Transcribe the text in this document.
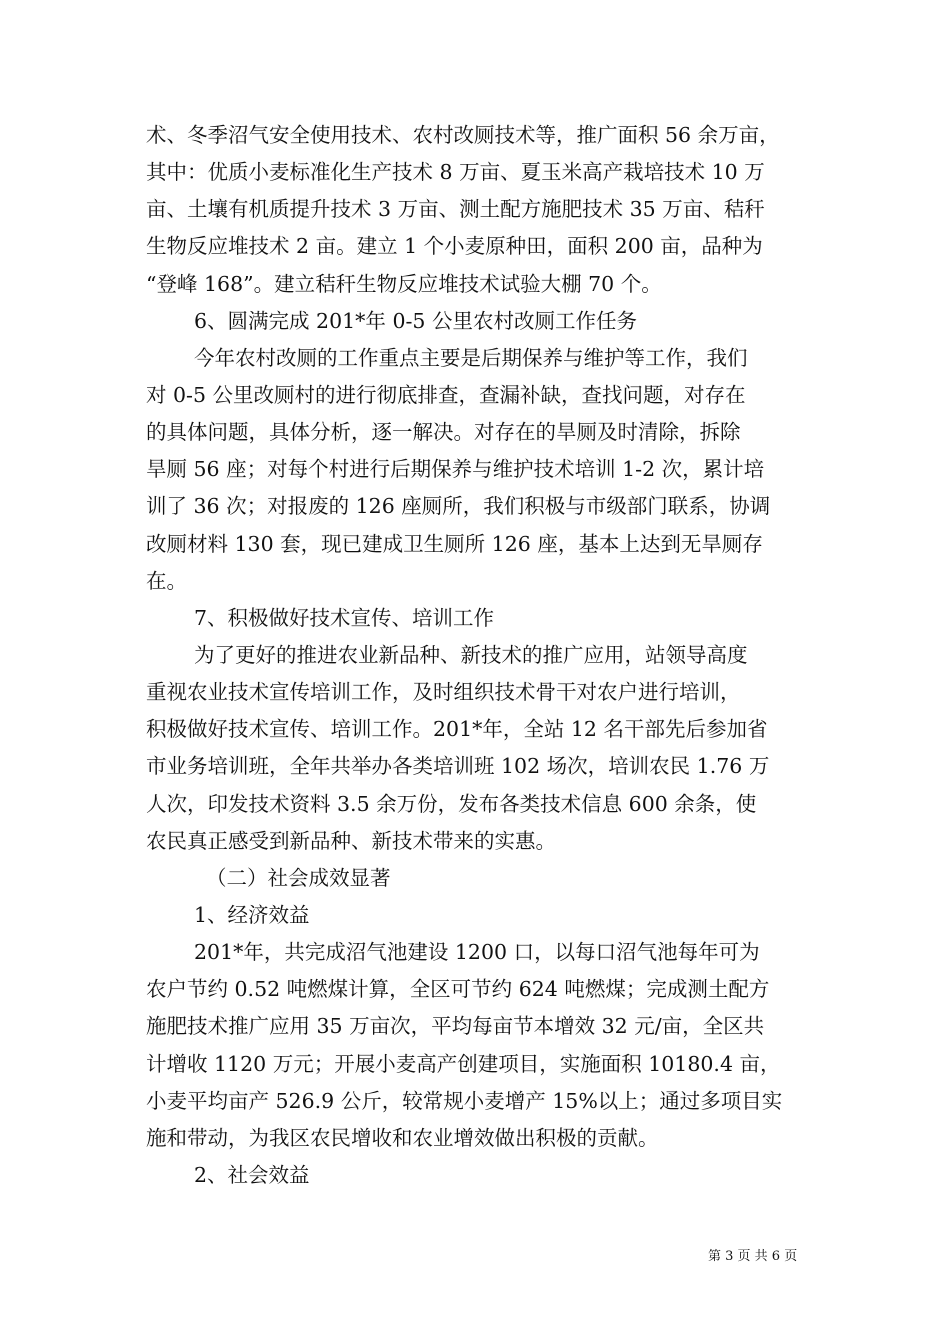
术、冬季沼气安全使用技术、农村改厕技术等，推广面积 56 余万亩，
其中：优质小麦标准化生产技术 8 万亩、夏玉米高产栽培技术 10 万
亩、土壤有机质提升技术 3 万亩、测土配方施肥技术 35 万亩、秸秆
生物反应堆技术 2 亩。建立 1 个小麦原种田，面积 200 亩，品种为
“登峰 168”。建立秸秆生物反应堆技术试验大棚 70 个。
6、圆满完成 201*年 0-5 公里农村改厕工作任务
今年农村改厕的工作重点主要是后期保养与维护等工作，我们
对 0-5 公里改厕村的进行彻底排查，查漏补缺，查找问题，对存在
的具体问题，具体分析，逐一解决。对存在的旱厕及时清除，拆除
旱厕 56 座；对每个村进行后期保养与维护技术培训 1-2 次，累计培
训了 36 次；对报废的 126 座厕所，我们积极与市级部门联系，协调
改厕材料 130 套，现已建成卫生厕所 126 座，基本上达到无旱厕存
在。
7、积极做好技术宣传、培训工作
为了更好的推进农业新品种、新技术的推广应用，站领导高度
重视农业技术宣传培训工作，及时组织技术骨干对农户进行培训，
积极做好技术宣传、培训工作。201*年，全站 12 名干部先后参加省
市业务培训班，全年共举办各类培训班 102 场次，培训农民 1.76 万
人次，印发技术资料 3.5 余万份，发布各类技术信息 600 余条，使
农民真正感受到新品种、新技术带来的实惠。
（二）社会成效显著
1、经济效益
201*年，共完成沼气池建设 1200 口，以每口沼气池每年可为
农户节约 0.52 吨燃煤计算，全区可节约 624 吨燃煤；完成测土配方
施肥技术推广应用 35 万亩次，平均每亩节本增效 32 元/亩，全区共
计增收 1120 万元；开展小麦高产创建项目，实施面积 10180.4 亩，
小麦平均亩产 526.9 公斤，较常规小麦增产 15%以上；通过多项目实
施和带动，为我区农民增收和农业增效做出积极的贡献。
2、社会效益
第 3 页 共 6 页
